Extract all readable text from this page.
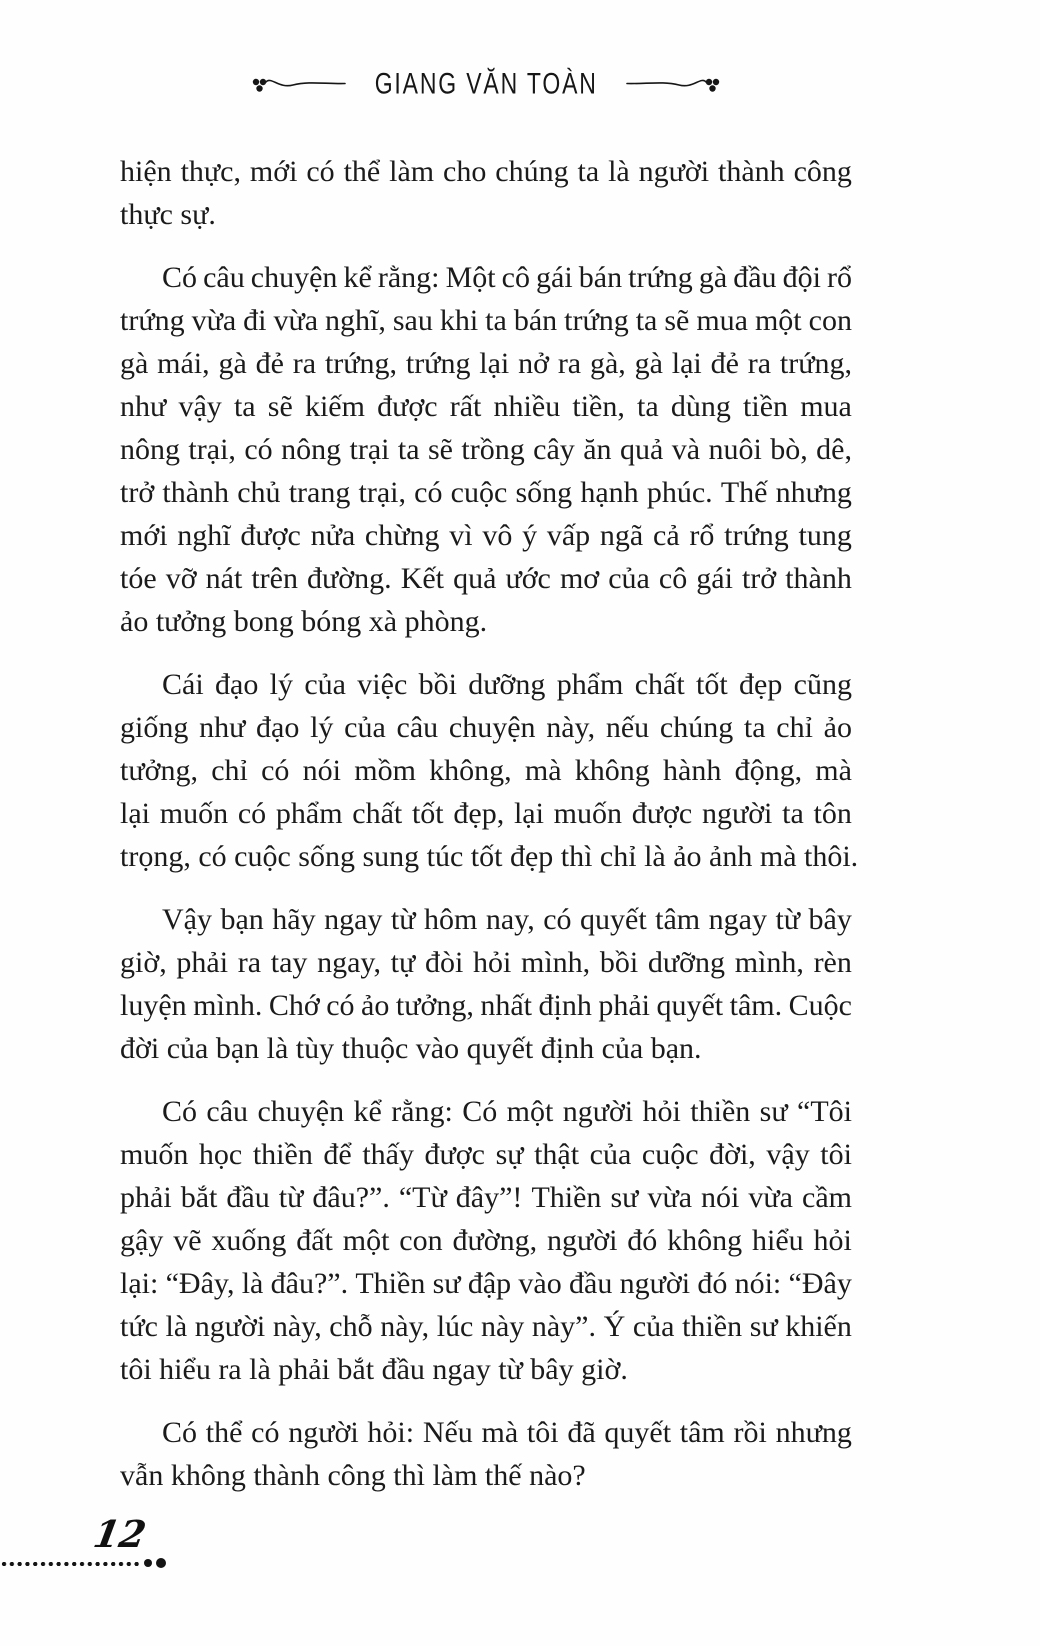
GIANG VĂN TOÀN
hiện thực, mới có thể làm cho chúng ta là người thành công
thực sự.
Có câu chuyện kể rằng: Một cô gái bán trứng gà đầu đội rổ
trứng vừa đi vừa nghĩ, sau khi ta bán trứng ta sẽ mua một con
gà mái, gà đẻ ra trứng, trứng lại nở ra gà, gà lại đẻ ra trứng,
như vậy ta sẽ kiếm được rất nhiều tiền, ta dùng tiền mua
nông trại, có nông trại ta sẽ trồng cây ăn quả và nuôi bò, dê,
trở thành chủ trang trại, có cuộc sống hạnh phúc. Thế nhưng
mới nghĩ được nửa chừng vì vô ý vấp ngã cả rổ trứng tung
tóe vỡ nát trên đường. Kết quả ước mơ của cô gái trở thành
ảo tưởng bong bóng xà phòng.
Cái đạo lý của việc bồi dưỡng phẩm chất tốt đẹp cũng
giống như đạo lý của câu chuyện này, nếu chúng ta chỉ ảo
tưởng, chỉ có nói mồm không, mà không hành động, mà
lại muốn có phẩm chất tốt đẹp, lại muốn được người ta tôn
trọng, có cuộc sống sung túc tốt đẹp thì chỉ là ảo ảnh mà thôi.
Vậy bạn hãy ngay từ hôm nay, có quyết tâm ngay từ bây
giờ, phải ra tay ngay, tự đòi hỏi mình, bồi dưỡng mình, rèn
luyện mình. Chớ có ảo tưởng, nhất định phải quyết tâm. Cuộc
đời của bạn là tùy thuộc vào quyết định của bạn.
Có câu chuyện kể rằng: Có một người hỏi thiền sư “Tôi
muốn học thiền để thấy được sự thật của cuộc đời, vậy tôi
phải bắt đầu từ đâu?”. “Từ đây”! Thiền sư vừa nói vừa cầm
gậy vẽ xuống đất một con đường, người đó không hiểu hỏi
lại: “Đây, là đâu?”. Thiền sư đập vào đầu người đó nói: “Đây
tức là người này, chỗ này, lúc này này”. Ý của thiền sư khiến
tôi hiểu ra là phải bắt đầu ngay từ bây giờ.
Có thể có người hỏi: Nếu mà tôi đã quyết tâm rồi nhưng
vẫn không thành công thì làm thế nào?
12
